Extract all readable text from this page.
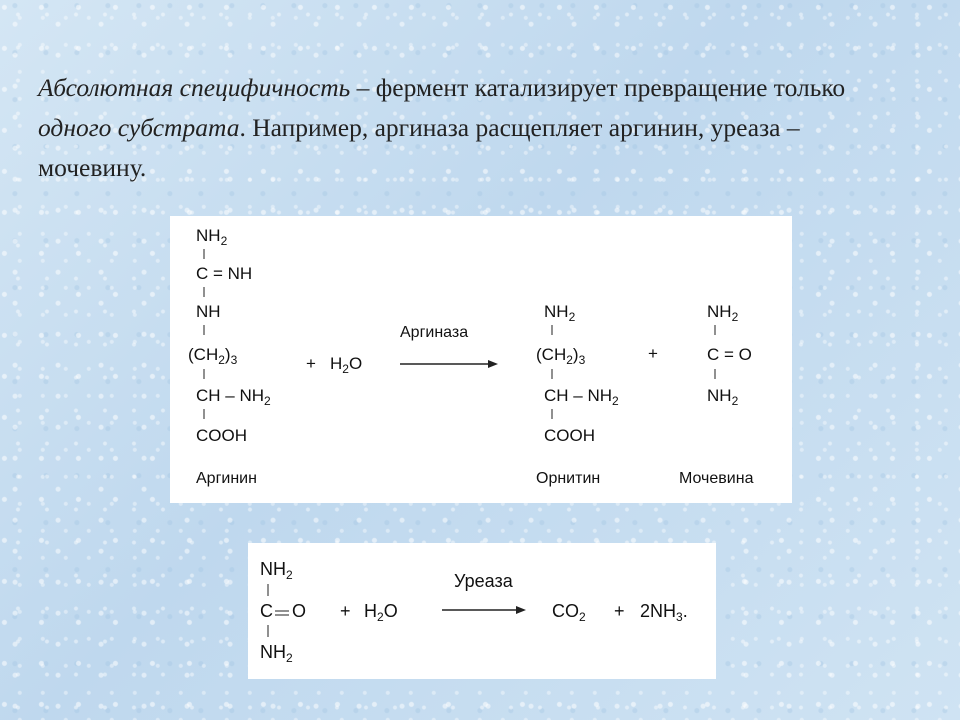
Абсолютная специфичность – фермент катализирует превращение только одного субстрата. Например, аргиназа расщепляет аргинин, уреаза – мочевину.

$NH_2$
C = NH
NH
$(CH_2)_3$
CH – $NH_2$
COOH
Аргинин
+ $H_2O$
Аргиназа
$NH_2$
$(CH_2)_3$
CH – $NH_2$
COOH
Орнитин
+
$NH_2$
C = O
$NH_2$
Мочевина
$NH_2$
C O
$NH_2$
+ $H_2O$
Уреаза
$CO_2 + 2NH_3$.
